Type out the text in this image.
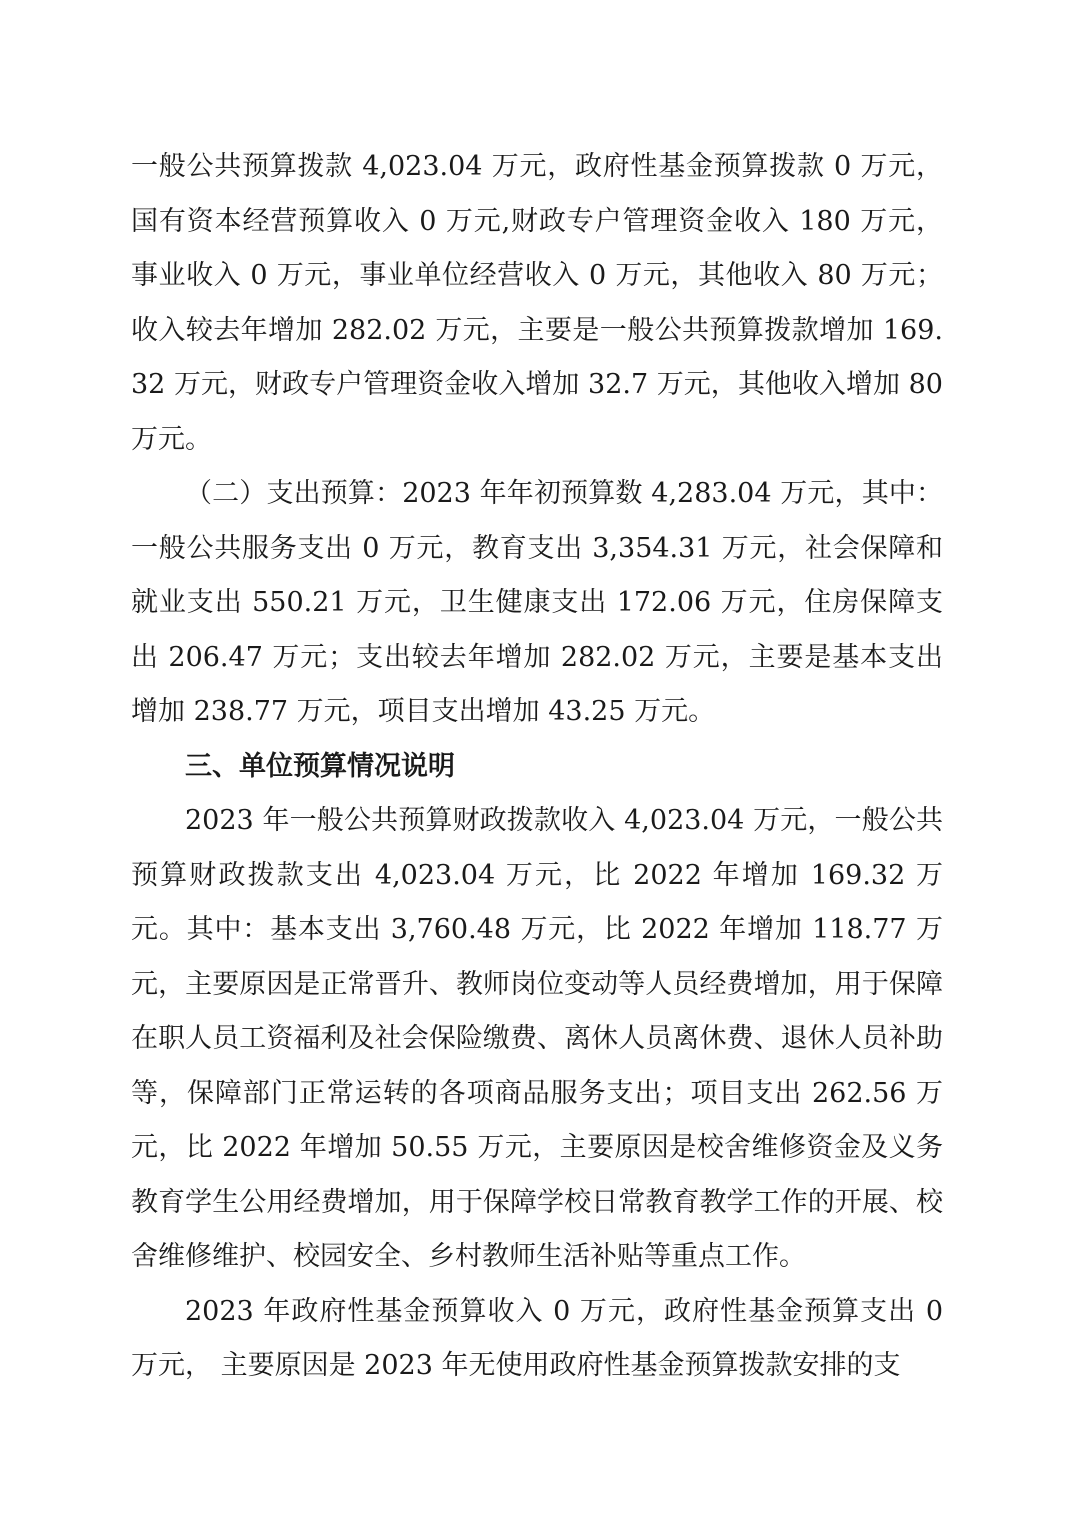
一般公共预算拨款 4,023.04 万元，政府性基金预算拨款 0 万元，国有资本经营预算收入 0 万元,财政专户管理资金收入 180 万元，事业收入 0 万元，事业单位经营收入 0 万元，其他收入 80 万元；收入较去年增加 282.02 万元，主要是一般公共预算拨款增加 169.32 万元，财政专户管理资金收入增加 32.7 万元，其他收入增加 80 万元。

（二）支出预算：2023 年年初预算数 4,283.04 万元，其中：一般公共服务支出 0 万元，教育支出 3,354.31 万元，社会保障和就业支出 550.21 万元，卫生健康支出 172.06 万元，住房保障支出 206.47 万元；支出较去年增加 282.02 万元，主要是基本支出增加 238.77 万元，项目支出增加 43.25 万元。

三、单位预算情况说明

2023 年一般公共预算财政拨款收入 4,023.04 万元，一般公共预算财政拨款支出 4,023.04 万元，比 2022 年增加 169.32 万元。其中：基本支出 3,760.48 万元，比 2022 年增加 118.77 万元，主要原因是正常晋升、教师岗位变动等人员经费增加，用于保障在职人员工资福利及社会保险缴费、离休人员离休费、退休人员补助等，保障部门正常运转的各项商品服务支出；项目支出 262.56 万元，比 2022 年增加 50.55 万元，主要原因是校舍维修资金及义务教育学生公用经费增加，用于保障学校日常教育教学工作的开展、校舍维修维护、校园安全、乡村教师生活补贴等重点工作。

2023 年政府性基金预算收入 0 万元，政府性基金预算支出 0 万元， 主要原因是 2023 年无使用政府性基金预算拨款安排的支
